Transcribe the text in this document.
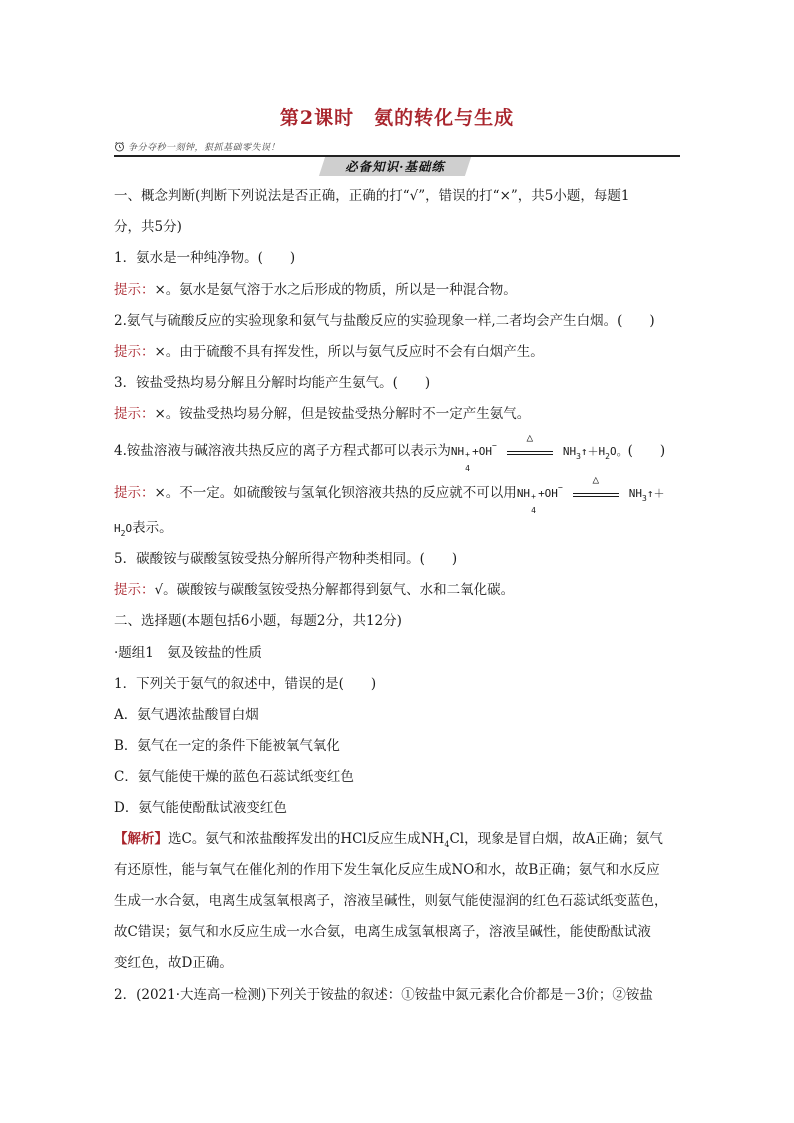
第2课时　氨的转化与生成
争分夺秒一刻钟，狠抓基础零失误！
必备知识·基础练
一、概念判断(判断下列说法是否正确，正确的打“√”，错误的打“×”，共5小题，每题1
分，共5分)
1．氨水是一种纯净物。(　　)
提示：×。氨水是氨气溶于水之后形成的物质，所以是一种混合物。
2.氨气与硫酸反应的实验现象和氨气与盐酸反应的实验现象一样,二者均会产生白烟。(　　)
提示：×。由于硫酸不具有挥发性，所以与氨气反应时不会有白烟产生。
3．铵盐受热均易分解且分解时均能产生氨气。(　　)
提示：×。铵盐受热均易分解，但是铵盐受热分解时不一定产生氨气。
4.铵盐溶液与碱溶液共热反应的离子方程式都可以表示为NH +
4
+OH−
△
$NH_3↑+H_2O$。(　　)
提示：×。不一定。如硫酸铵与氢氧化钡溶液共热的反应就不可以用NH +
4
+OH−
△
$NH_3↑+$
$H_2O$表示。
5．碳酸铵与碳酸氢铵受热分解所得产物种类相同。(　　)
提示：√。碳酸铵与碳酸氢铵受热分解都得到氨气、水和二氧化碳。
二、选择题(本题包括6小题，每题2分，共12分)
·题组1　氨及铵盐的性质
1．下列关于氨气的叙述中，错误的是(　　)
A．氨气遇浓盐酸冒白烟
B．氨气在一定的条件下能被氧气氧化
C．氨气能使干燥的蓝色石蕊试纸变红色
D．氨气能使酚酞试液变红色
【解析】选C。氨气和浓盐酸挥发出的HCl反应生成$NH_4Cl$，现象是冒白烟，故A正确；氨气
有还原性，能与氧气在催化剂的作用下发生氧化反应生成NO和水，故B正确；氨气和水反应
生成一水合氨，电离生成氢氧根离子，溶液呈碱性，则氨气能使湿润的红色石蕊试纸变蓝色，
故C错误；氨气和水反应生成一水合氨，电离生成氢氧根离子，溶液呈碱性，能使酚酞试液
变红色，故D正确。
2．(2021·大连高一检测)下列关于铵盐的叙述：①铵盐中氮元素化合价都是－3价；②铵盐
